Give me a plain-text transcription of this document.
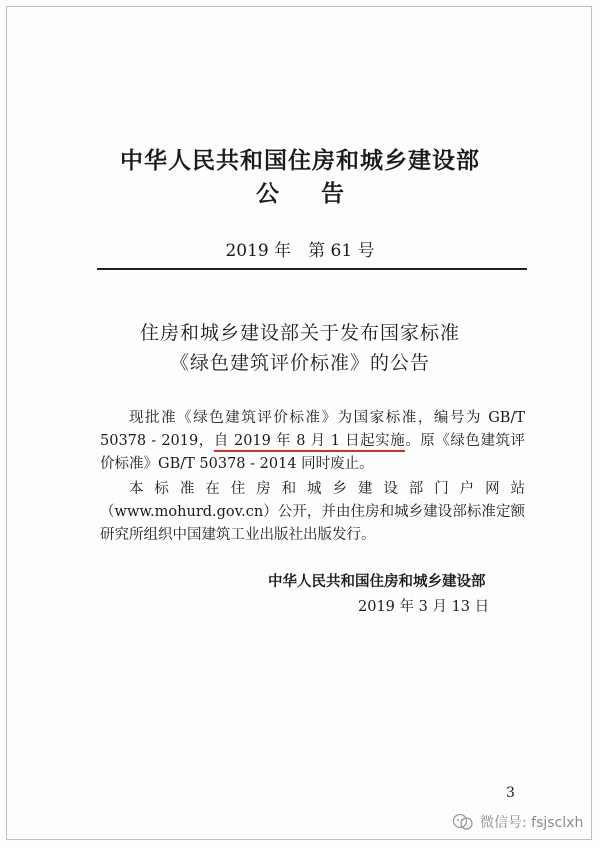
中华人民共和国住房和城乡建设部
公告
2019 年　第 61 号
住房和城乡建设部关于发布国家标准
《绿色建筑评价标准》的公告
现批准《绿色建筑评价标准》为国家标准，编号为 GB/T 50378 - 2019，自 2019 年 8 月 1 日起实施。原《绿色建筑评价标准》GB/T 50378 - 2014 同时废止。
本标准在住房和城乡建设部门户网站（www.mohurd.gov.cn）公开，并由住房和城乡建设部标准定额研究所组织中国建筑工业出版社出版发行。
中华人民共和国住房和城乡建设部
2019 年 3 月 13 日
3
微信号: fsjsclxh
